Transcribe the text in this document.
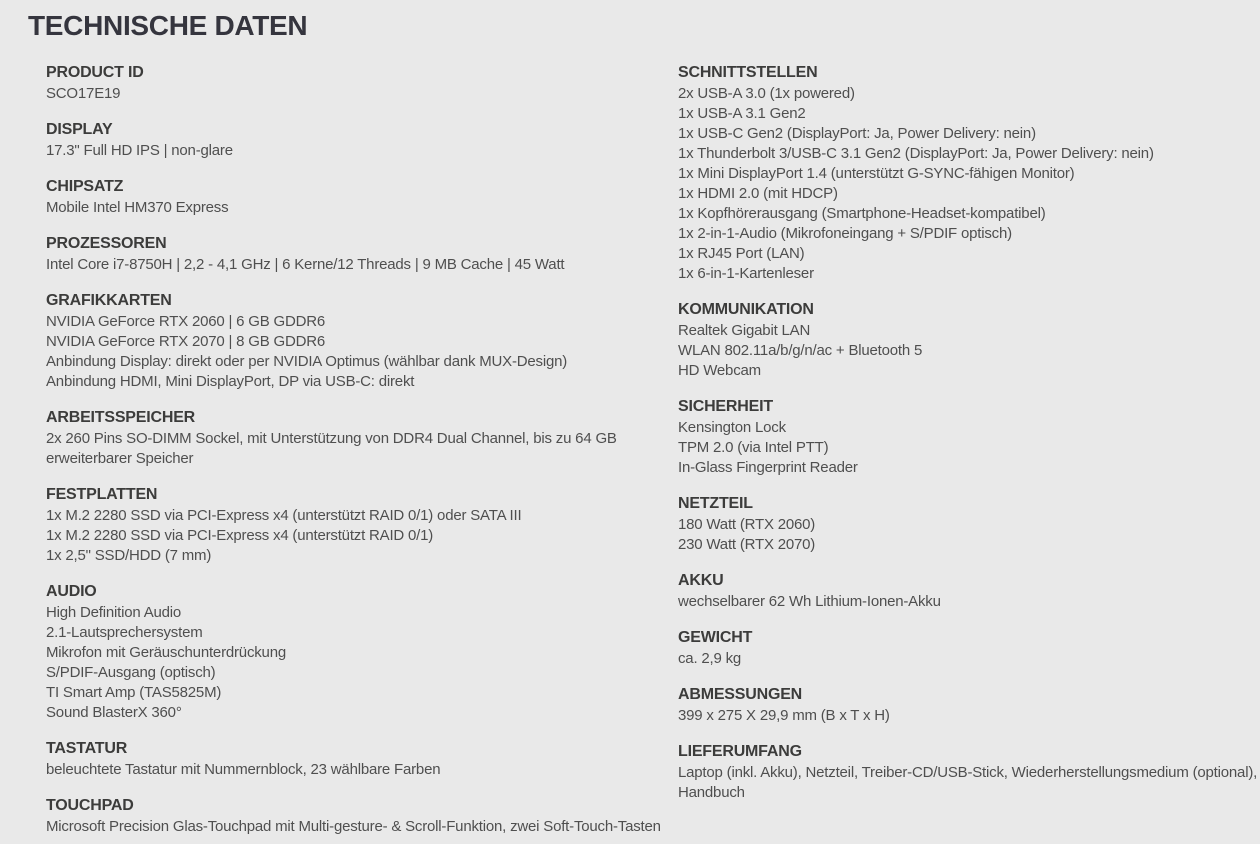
TECHNISCHE DATEN
PRODUCT ID

SCO17E19

DISPLAY

17.3" Full HD IPS | non-glare

CHIPSATZ

Mobile Intel HM370 Express

PROZESSOREN

Intel Core i7-8750H | 2,2 - 4,1 GHz | 6 Kerne/12 Threads | 9 MB Cache | 45 Watt

GRAFIKKARTEN

NVIDIA GeForce RTX 2060 | 6 GB GDDR6

NVIDIA GeForce RTX 2070 | 8 GB GDDR6

Anbindung Display: direkt oder per NVIDIA Optimus (wählbar dank MUX-Design)

Anbindung HDMI, Mini DisplayPort, DP via USB-C: direkt

ARBEITSSPEICHER

2x 260 Pins SO-DIMM Sockel, mit Unterstützung von DDR4 Dual Channel, bis zu 64 GB

erweiterbarer Speicher

FESTPLATTEN

1x M.2 2280 SSD via PCI-Express x4 (unterstützt RAID 0/1) oder SATA III

1x M.2 2280 SSD via PCI-Express x4 (unterstützt RAID 0/1)

1x 2,5" SSD/HDD (7 mm)

AUDIO

High Definition Audio

2.1-Lautsprechersystem

Mikrofon mit Geräuschunterdrückung

S/PDIF-Ausgang (optisch)

TI Smart Amp (TAS5825M)

Sound BlasterX 360°

TASTATUR

beleuchtete Tastatur mit Nummernblock, 23 wählbare Farben

TOUCHPAD

Microsoft Precision Glas-Touchpad mit Multi-gesture- & Scroll-Funktion, zwei Soft-Touch-Tasten

SCHNITTSTELLEN

2x USB-A 3.0 (1x powered)

1x USB-A 3.1 Gen2

1x USB-C Gen2 (DisplayPort: Ja, Power Delivery: nein)

1x Thunderbolt 3/USB-C 3.1 Gen2 (DisplayPort: Ja, Power Delivery: nein)

1x Mini DisplayPort 1.4 (unterstützt G-SYNC-fähigen Monitor)

1x HDMI 2.0 (mit HDCP)

1x Kopfhörerausgang (Smartphone-Headset-kompatibel)

1x 2-in-1-Audio (Mikrofoneingang + S/PDIF optisch)

1x RJ45 Port (LAN)

1x 6-in-1-Kartenleser

KOMMUNIKATION

Realtek Gigabit LAN

WLAN 802.11a/b/g/n/ac + Bluetooth 5

HD Webcam

SICHERHEIT

Kensington Lock

TPM 2.0 (via Intel PTT)

In-Glass Fingerprint Reader

NETZTEIL

180 Watt (RTX 2060)

230 Watt (RTX 2070)

AKKU

wechselbarer 62 Wh Lithium-Ionen-Akku

GEWICHT

ca. 2,9 kg

ABMESSUNGEN

399 x 275 X 29,9 mm (B x T x H)

LIEFERUMFANG

Laptop (inkl. Akku), Netzteil, Treiber-CD/USB-Stick, Wiederherstellungsmedium (optional),

Handbuch
